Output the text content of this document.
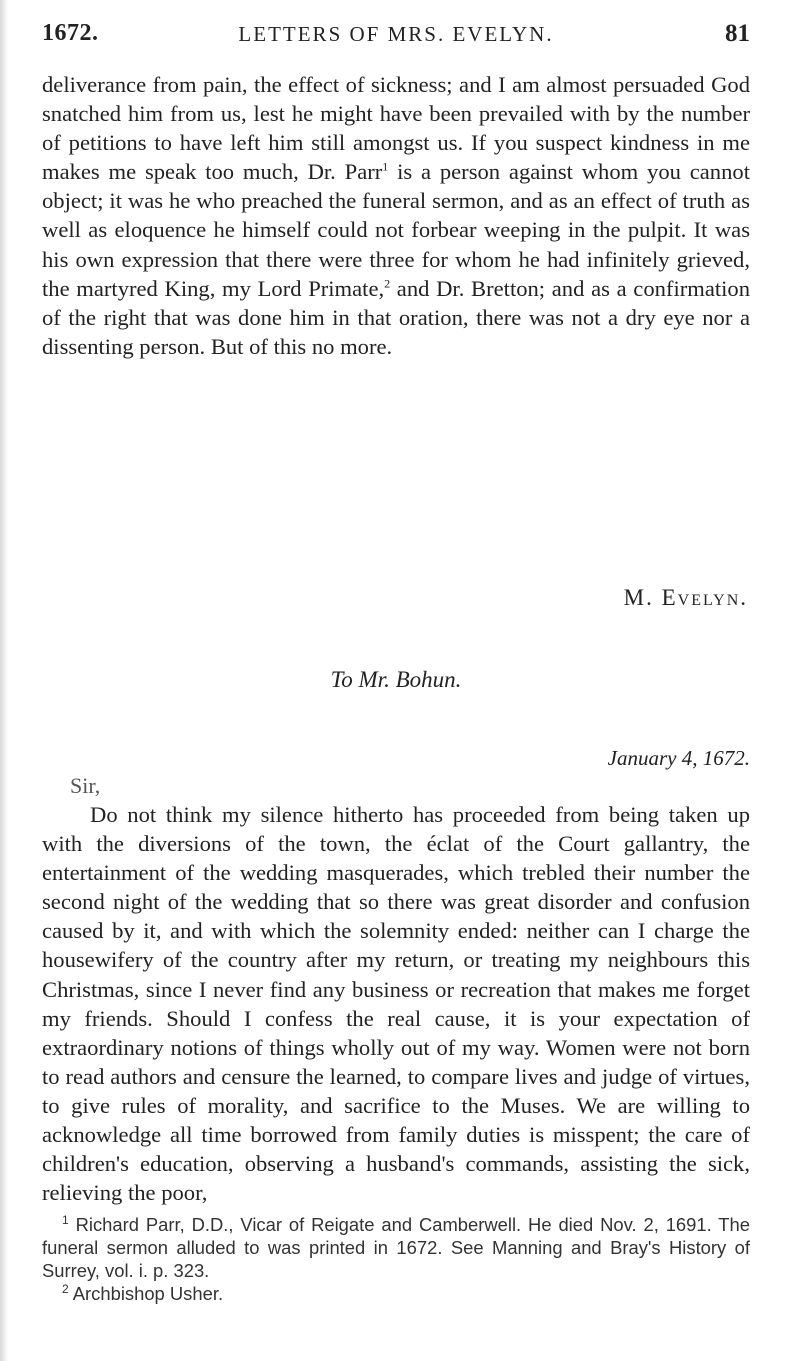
1672.	LETTERS OF MRS. EVELYN.	81

deliverance from pain, the effect of sickness; and I am almost persuaded God snatched him from us, lest he might have been prevailed with by the number of petitions to have left him still amongst us. If you suspect kindness in me makes me speak too much, Dr. Parr$^1$ is a person against whom you cannot object; it was he who preached the funeral sermon, and as an effect of truth as well as eloquence he himself could not forbear weeping in the pulpit. It was his own expression that there were three for whom he had infinitely grieved, the martyred King, my Lord Primate,$^2$ and Dr. Bretton; and as a confirmation of the right that was done him in that oration, there was not a dry eye nor a dissenting person. But of this no more.

M. Evelyn.
To Mr. Bohun.
January 4, 1672.
Sir,

Do not think my silence hitherto has proceeded from being taken up with the diversions of the town, the éclat of the Court gallantry, the entertainment of the wedding masquerades, which trebled their number the second night of the wedding that so there was great disorder and confusion caused by it, and with which the solemnity ended: neither can I charge the housewifery of the country after my return, or treating my neighbours this Christmas, since I never find any business or recreation that makes me forget my friends. Should I confess the real cause, it is your expectation of extraordinary notions of things wholly out of my way. Women were not born to read authors and censure the learned, to compare lives and judge of virtues, to give rules of morality, and sacrifice to the Muses. We are willing to acknowledge all time borrowed from family duties is misspent; the care of children's education, observing a husband's commands, assisting the sick, relieving the poor,

$^1$ Richard Parr, D.D., Vicar of Reigate and Camberwell. He died Nov. 2, 1691. The funeral sermon alluded to was printed in 1672. See Manning and Bray's History of Surrey, vol. i. p. 323.

$^2$ Archbishop Usher.
